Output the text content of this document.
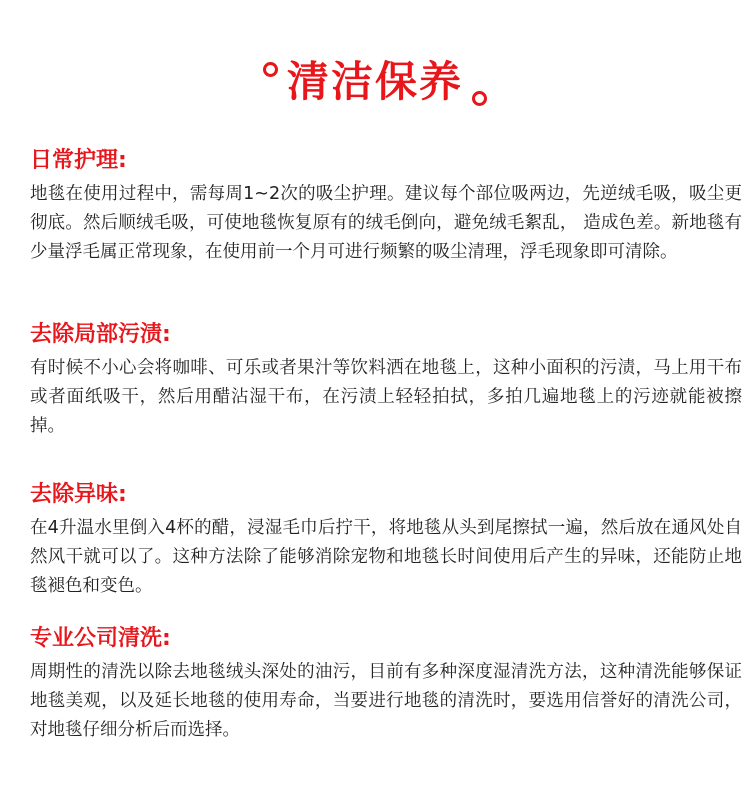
清洁保养
日常护理:

地毯在使用过程中，需每周1~2次的吸尘护理。建议每个部位吸两边，先逆绒毛吸，吸尘更彻底。然后顺绒毛吸，可使地毯恢复原有的绒毛倒向，避免绒毛絮乱， 造成色差。新地毯有少量浮毛属正常现象，在使用前一个月可进行频繁的吸尘清理，浮毛现象即可清除。

去除局部污渍:

有时候不小心会将咖啡、可乐或者果汁等饮料洒在地毯上，这种小面积的污渍，马上用干布或者面纸吸干，然后用醋沾湿干布，在污渍上轻轻拍拭，多拍几遍地毯上的污迹就能被擦掉。

去除异味:

在4升温水里倒入4杯的醋，浸湿毛巾后拧干，将地毯从头到尾擦拭一遍，然后放在通风处自然风干就可以了。这种方法除了能够消除宠物和地毯长时间使用后产生的异味，还能防止地毯褪色和变色。

专业公司清洗:

周期性的清洗以除去地毯绒头深处的油污，目前有多种深度湿清洗方法，这种清洗能够保证地毯美观，以及延长地毯的使用寿命，当要进行地毯的清洗时，要选用信誉好的清洗公司，对地毯仔细分析后而选择。
